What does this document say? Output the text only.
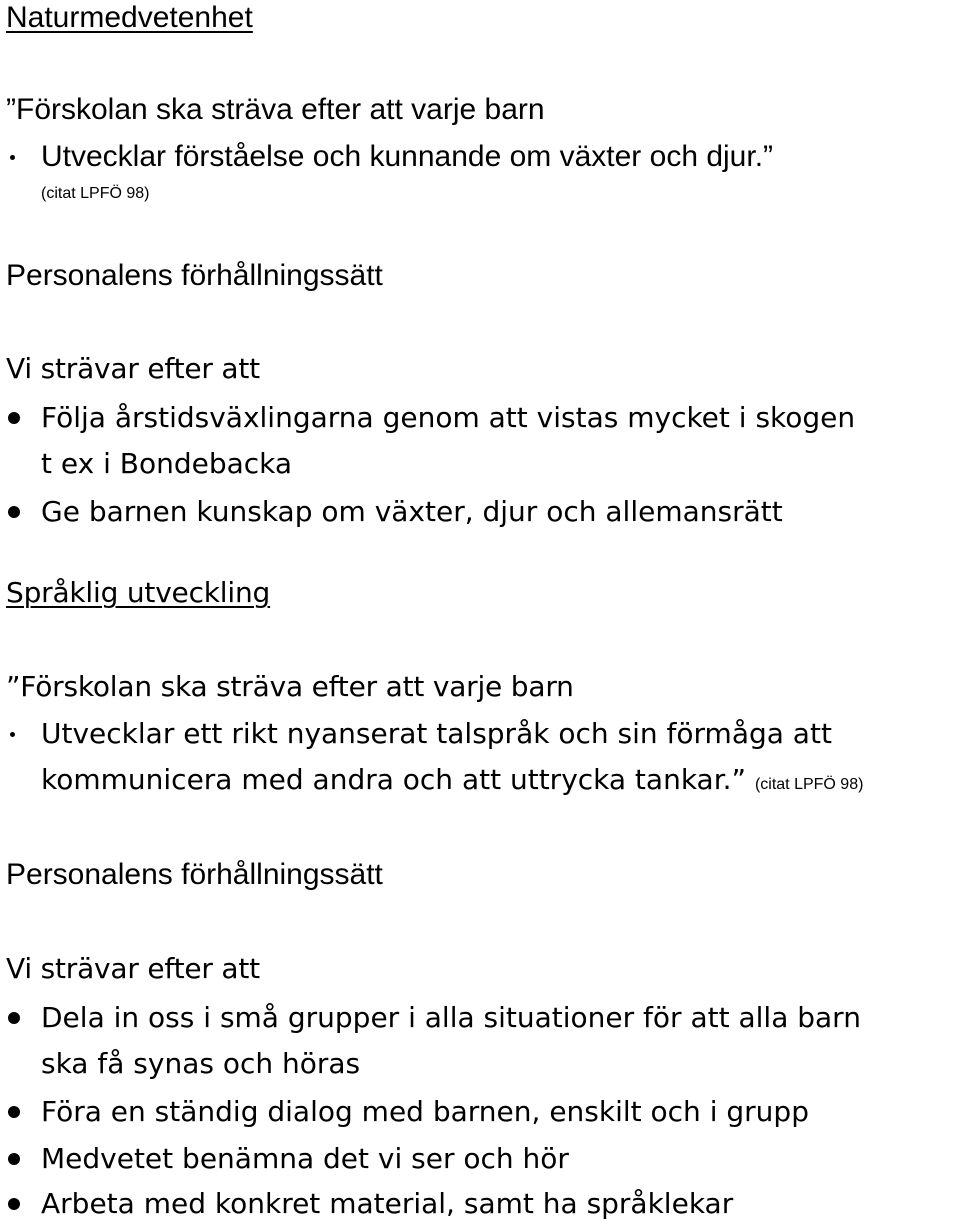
Naturmedvetenhet
”Förskolan ska sträva efter att varje barn
Utvecklar förståelse och kunnande om växter och djur.”
(citat LPFÖ 98)
Personalens förhållningssätt
Vi strävar efter att
Följa årstidsväxlingarna genom att vistas mycket i skogen
t ex i Bondebacka
Ge barnen kunskap om växter, djur och allemansrätt
Språklig utveckling
”Förskolan ska sträva efter att varje barn
Utvecklar ett rikt nyanserat talspråk och sin förmåga att
kommunicera med andra och att uttrycka tankar.” (citat LPFÖ 98)
Personalens förhållningssätt
Vi strävar efter att
Dela in oss i små grupper i alla situationer för att alla barn
ska få synas och höras
Föra en ständig dialog med barnen, enskilt och i grupp
Medvetet benämna det vi ser och hör
Arbeta med konkret material, samt ha språklekar
